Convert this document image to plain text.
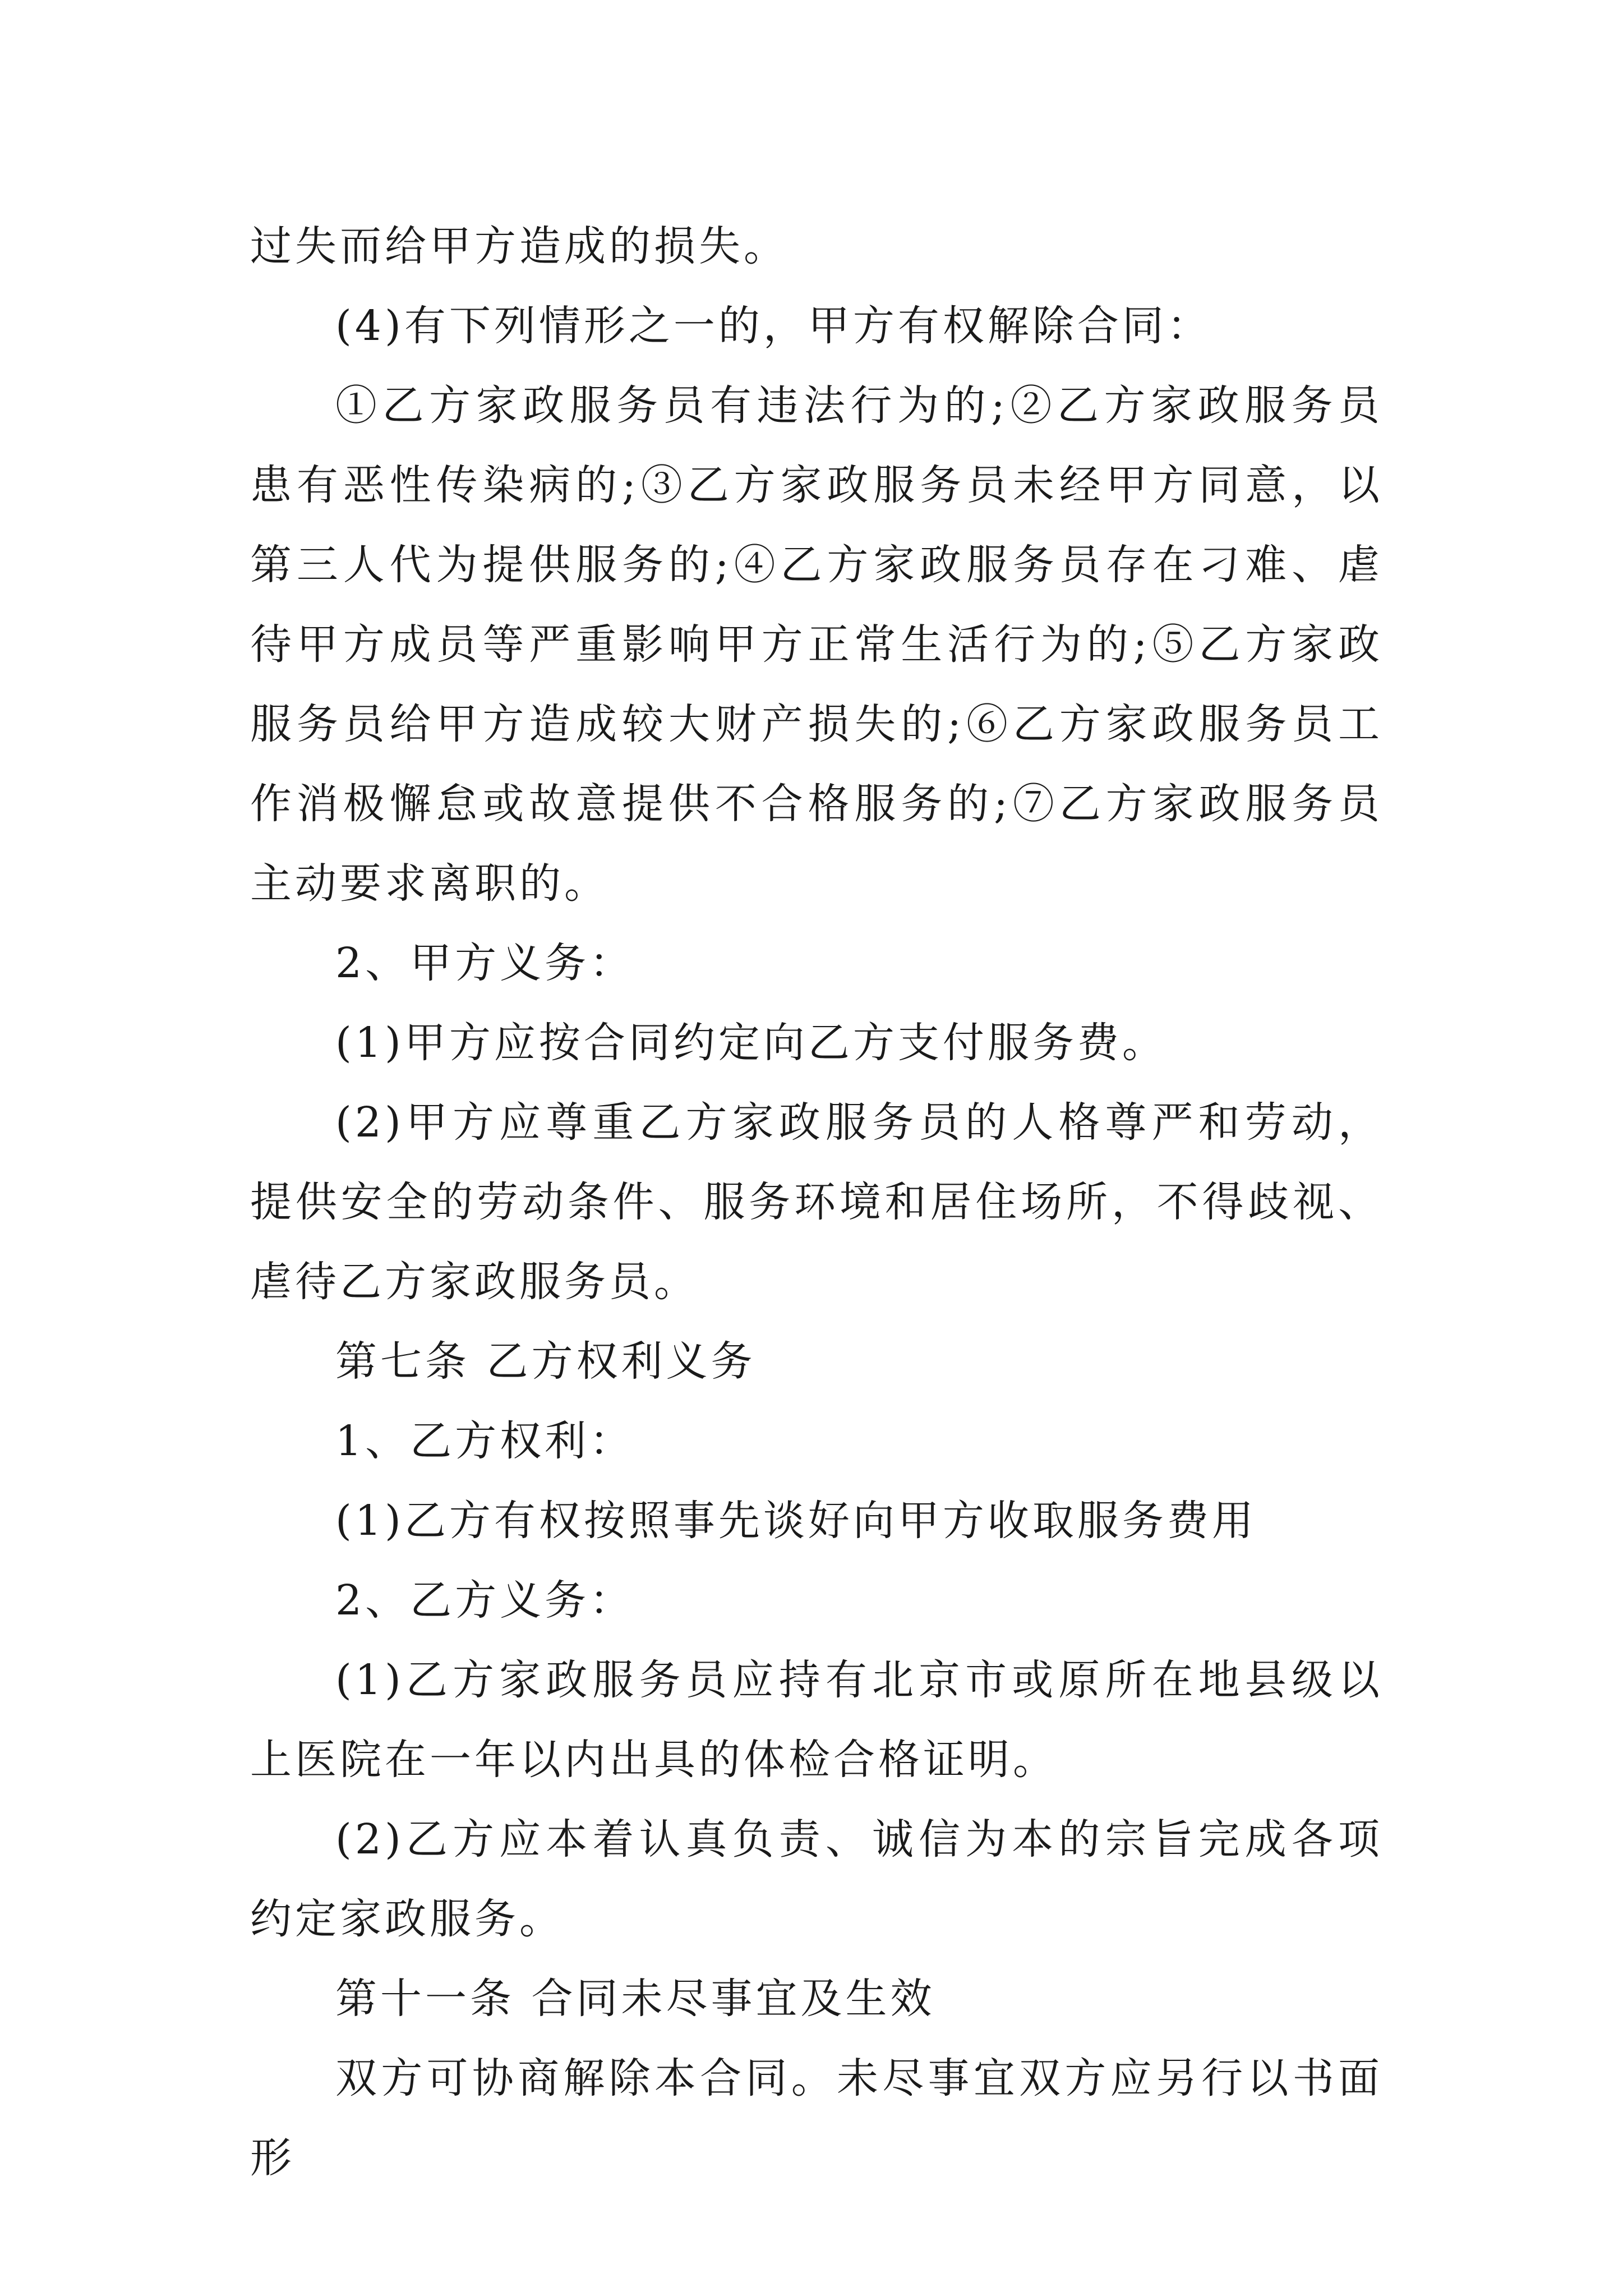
过失而给甲方造成的损失。

(4)有下列情形之一的，甲方有权解除合同：

①乙方家政服务员有违法行为的;②乙方家政服务员患有恶性传染病的;③乙方家政服务员未经甲方同意，以第三人代为提供服务的;④乙方家政服务员存在刁难、虐待甲方成员等严重影响甲方正常生活行为的;⑤乙方家政服务员给甲方造成较大财产损失的;⑥乙方家政服务员工作消极懈怠或故意提供不合格服务的;⑦乙方家政服务员主动要求离职的。

2、甲方义务：

(1)甲方应按合同约定向乙方支付服务费。

(2)甲方应尊重乙方家政服务员的人格尊严和劳动，提供安全的劳动条件、服务环境和居住场所，不得歧视、虐待乙方家政服务员。

第七条 乙方权利义务

1、乙方权利：

(1)乙方有权按照事先谈好向甲方收取服务费用

2、乙方义务：

(1)乙方家政服务员应持有北京市或原所在地县级以上医院在一年以内出具的体检合格证明。

(2)乙方应本着认真负责、诚信为本的宗旨完成各项约定家政服务。

第十一条 合同未尽事宜及生效

双方可协商解除本合同。未尽事宜双方应另行以书面形
